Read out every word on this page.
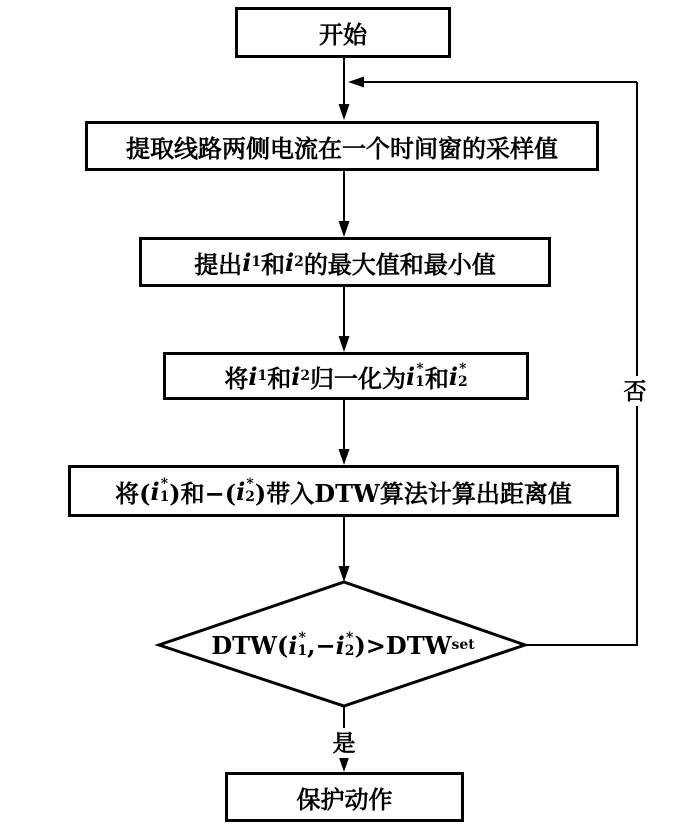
开始
提取线路两侧电流在一个时间窗的采样值
提出 i 1 和 i 2 的最大值和最小值
将 i 1 和 i 2 归一化为 i *
1 和 i *
2
将( i *
1 )和−( i *
2 )带入DTW算法计算出距离值
DTW( i *
1 ,− i *
2 )>DTW set
保护动作
是
否
